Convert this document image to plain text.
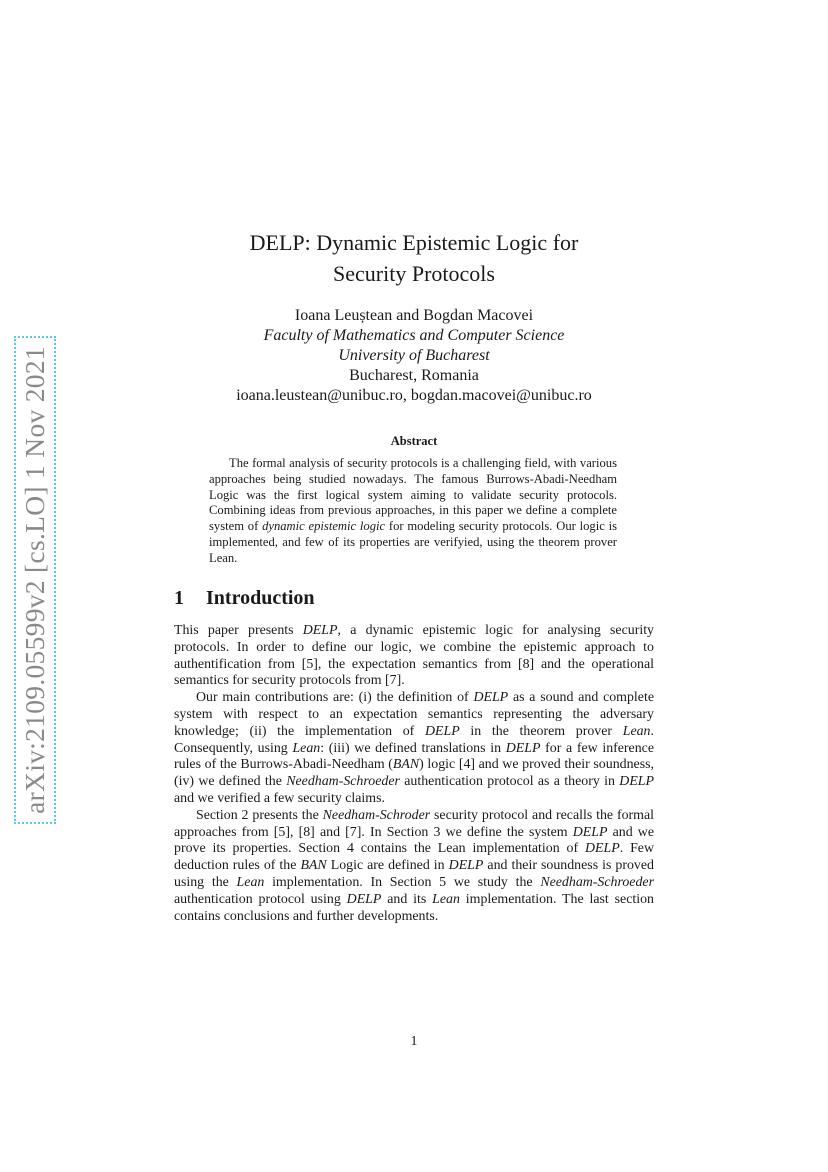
arXiv:2109.05599v2 [cs.LO] 1 Nov 2021
DELP: Dynamic Epistemic Logic for
Security Protocols
Ioana Leuștean and Bogdan Macovei
Faculty of Mathematics and Computer Science
University of Bucharest
Bucharest, Romania
ioana.leustean@unibuc.ro, bogdan.macovei@unibuc.ro
Abstract
The formal analysis of security protocols is a challenging field, with various approaches being studied nowadays. The famous Burrows-Abadi-Needham Logic was the first logical system aiming to validate security protocols. Combining ideas from previous approaches, in this paper we define a complete system of dynamic epistemic logic for modeling security protocols. Our logic is implemented, and few of its properties are verifyied, using the theorem prover Lean.
1 Introduction

This paper presents DELP, a dynamic epistemic logic for analysing security protocols. In order to define our logic, we combine the epistemic approach to authentification from [5], the expectation semantics from [8] and the operational semantics for security protocols from [7].

Our main contributions are: (i) the definition of DELP as a sound and complete system with respect to an expectation semantics representing the adversary knowledge; (ii) the implementation of DELP in the theorem prover Lean. Consequently, using Lean: (iii) we defined translations in DELP for a few inference rules of the Burrows-Abadi-Needham (BAN) logic [4] and we proved their soundness, (iv) we defined the Needham-Schroeder authentication protocol as a theory in DELP and we verified a few security claims.

Section 2 presents the Needham-Schroder security protocol and recalls the formal approaches from [5], [8] and [7]. In Section 3 we define the system DELP and we prove its properties. Section 4 contains the Lean implementation of DELP. Few deduction rules of the BAN Logic are defined in DELP and their soundness is proved using the Lean implementation. In Section 5 we study the Needham-Schroeder authentication protocol using DELP and its Lean implementation. The last section contains conclusions and further developments.

1
